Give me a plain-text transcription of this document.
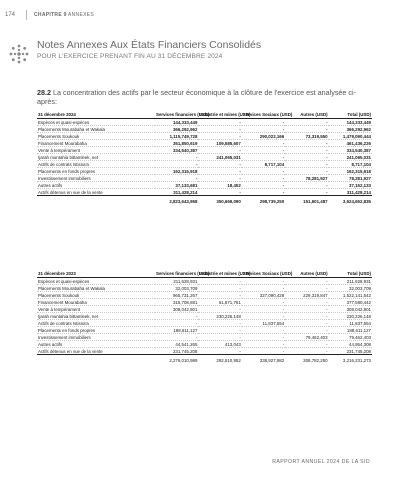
174	CHAPITRE 9 ANNEXES
Notes Annexes Aux États Financiers Consolidés
POUR L'EXERCICE PRENANT FIN AU 31 DÉCEMBRE 2024
28.2 La concentration des actifs par le secteur économique à la clôture de l'exercice est analysée ci-après:
31 décembre 2024	Services financiers (USD)	Industrie et mines (USD)	Services Sociaux (USD)	Autres (USD)	Total (USD)
Espèces et quasi-espèces	144,333,449	-	-	-	144,333,449
Placements Mourabaha et Wakala	366,292,962	-	-	-	366,292,962
Placements Soukouk	1,115,749,728	-	290,022,166	73,319,550	1,479,090,444
Financement Mourabaha	351,850,619	109,585,607	-	-	461,436,226
Vente à tempérament	334,540,387	-	-	-	334,540,387
Ijarah muntahia bittamleek, net	-	241,065,031	-	-	241,065,031
Actifs de contrats Istisna'a	-	-	8,717,104	-	8,717,104
Placements en fonds propres	162,315,918	-	-	-	162,315,918
Investissement immobiliers	-	-	-	78,281,927	78,281,927
Autres actifs	37,133,681	18,452	-	-	37,152,133
Actifs détenus en vue de la vente	311,428,214	-	-	-	311,428,214
	2,823,643,958	350,669,090	298,739,250	151,601,487	3,624,652,835
31 décembre 2023	Services financiers (USD)	Industrie et mines (USD)	Services Sociaux (USD)	Autres (USD)	Total (USD)
Espèces et quasi-espèces	211,628,931	-	-	-	211,628,931
Placements Mourabaha et Wakala	32,003,709	-	-	-	32,003,709
Placements Soukouk	965,731,267	-	327,090,428	229,319,847	1,522,141,542
Financement Mourabaha	315,708,681	61,871,761	-	-	377,580,442
Vente à tempérament	308,042,801	-	-	-	308,042,801
Ijarah muntahia bittamleek, net	-	230,226,148	-	-	230,226,148
Actifs de contrats Istisna'a	-	-	11,837,554	-	11,837,554
Placements en fonds propres	188,611,127	-	-	-	188,611,127
Investissement immobiliers	-	-	-	79,462,403	79,462,403
Autres actifs	44,541,265	413,043	-	-	44,954,308
Actifs détenus en vue de la vente	231,745,208	-	-	-	231,745,208
	2,276,010,989	292,510,952	338,927,982	308,782,250	3,216,231,273
RAPPORT ANNUEL 2024 DE LA SID
